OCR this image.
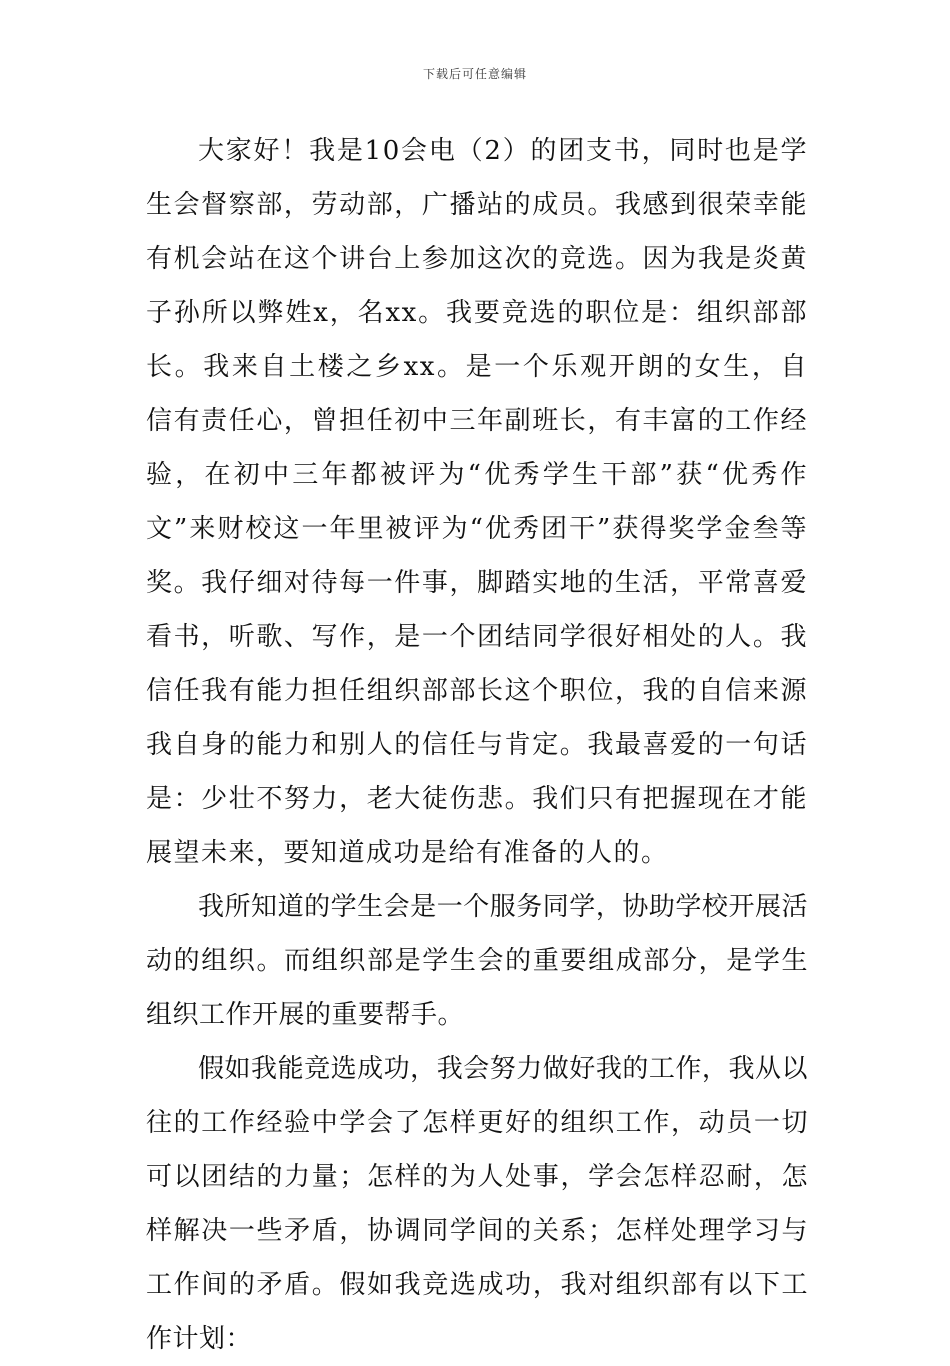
下载后可任意编辑

大家好！我是10会电（2）的团支书，同时也是学生会督察部，劳动部，广播站的成员。我感到很荣幸能有机会站在这个讲台上参加这次的竞选。因为我是炎黄子孙所以弊姓x，名xx。我要竞选的职位是：组织部部长。我来自土楼之乡xx。是一个乐观开朗的女生，自信有责任心，曾担任初中三年副班长，有丰富的工作经验，在初中三年都被评为“优秀学生干部”获“优秀作文”来财校这一年里被评为“优秀团干”获得奖学金叁等奖。我仔细对待每一件事，脚踏实地的生活，平常喜爱看书，听歌、写作，是一个团结同学很好相处的人。我信任我有能力担任组织部部长这个职位，我的自信来源我自身的能力和别人的信任与肯定。我最喜爱的一句话是：少壮不努力，老大徒伤悲。我们只有把握现在才能展望未来，要知道成功是给有准备的人的。

我所知道的学生会是一个服务同学，协助学校开展活动的组织。而组织部是学生会的重要组成部分，是学生组织工作开展的重要帮手。

假如我能竞选成功，我会努力做好我的工作，我从以往的工作经验中学会了怎样更好的组织工作，动员一切可以团结的力量；怎样的为人处事，学会怎样忍耐，怎样解决一些矛盾，协调同学间的关系；怎样处理学习与工作间的矛盾。假如我竞选成功，我对组织部有以下工作计划：
